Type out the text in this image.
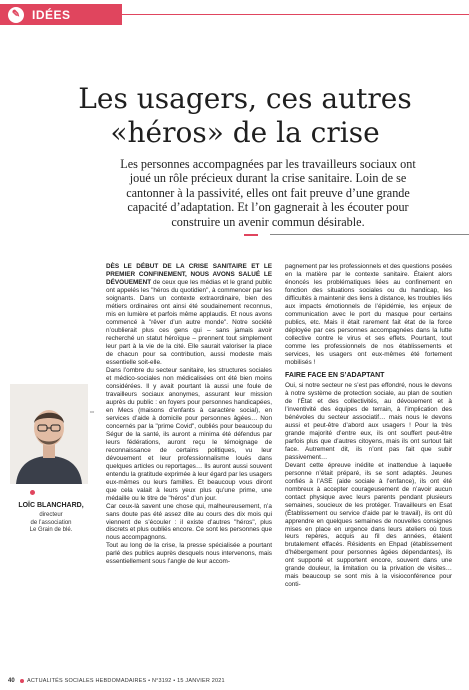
✎ IDÉES
Les usagers, ces autres «héros» de la crise
Les personnes accompagnées par les travailleurs sociaux ont joué un rôle précieux durant la crise sanitaire. Loin de se cantonner à la passivité, elles ont fait preuve d’une grande capacité d’adaptation. Et l’on gagnerait à les écouter pour construire un avenir commun désirable.
DR
LOÏC BLANCHARD,
directeur
de l’association
Le Grain de blé.

DÈS LE DÉBUT DE LA CRISE SANITAIRE ET LE PREMIER CONFINEMENT, NOUS AVONS SALUÉ LE DÉVOUEMENT de ceux que les médias et le grand public ont appelés les "héros du quotidien", à commencer par les soignants. Dans un contexte extraordinaire, bien des métiers ordinaires ont ainsi été soudainement reconnus, mis en lumière et parfois même applaudis. Et nous avons commencé à "rêver d’un autre monde". Notre société n’oublierait plus ces gens qui – sans jamais avoir recherché un statut héroïque – prennent tout simplement leur part à la vie de la cité. Elle saurait valoriser la place de chacun pour sa contribution, aussi modeste mais essentielle soit-elle.

Dans l’ombre du secteur sanitaire, les structures sociales et médico-sociales non médicalisées ont été bien moins considérées. Il y avait pourtant là aussi une foule de travailleurs sociaux anonymes, assurant leur mission auprès du public : en foyers pour personnes handicapées, en Mecs (maisons d’enfants à caractère social), en services d’aide à domicile pour personnes âgées… Non concernés par la "prime Covid", oubliés pour beaucoup du Ségur de la santé, ils auront a minima été défendus par leurs fédérations, auront reçu le témoignage de reconnaissance de certains politiques, vu leur dévouement et leur professionnalisme loués dans quelques articles ou reportages… Ils auront aussi souvent entendu la gratitude exprimée à leur égard par les usagers eux-mêmes ou leurs familles. Et beaucoup vous diront que cela valait à leurs yeux plus qu’une prime, une médaille ou le titre de "héros" d’un jour.

Car ceux-là savent une chose qui, malheureusement, n’a sans doute pas été assez dite au cours des dix mois qui viennent de s’écouler : il existe d’autres "héros", plus discrets et plus oubliés encore. Ce sont les personnes que nous accompagnons.

Tout au long de la crise, la presse spécialisée a pourtant parlé des publics auprès desquels nous intervenons, mais essentiellement sous l’angle de leur accom-

pagnement par les professionnels et des questions posées en la matière par le contexte sanitaire. Étaient alors énoncés les problématiques liées au confinement en fonction des situations sociales ou du handicap, les difficultés à maintenir des liens à distance, les troubles liés aux impacts émotionnels de l’épidémie, les enjeux de communication avec le port du masque pour certains publics, etc. Mais il était rarement fait état de la force déployée par ces personnes accompagnées dans la lutte collective contre le virus et ses effets. Pourtant, tout comme les professionnels de nos établissements et services, les usagers ont eux-mêmes été fortement mobilisés !

FAIRE FACE EN S’ADAPTANT

Oui, si notre secteur ne s’est pas effondré, nous le devons à notre système de protection sociale, au plan de soutien de l’État et des collectivités, au dévouement et à l’inventivité des équipes de terrain, à l’implication des bénévoles du secteur associatif… mais nous le devons aussi et peut-être d’abord aux usagers ! Pour la très grande majorité d’entre eux, ils ont souffert peut-être parfois plus que d’autres citoyens, mais ils ont surtout fait face. Autrement dit, ils n’ont pas fait que subir passivement…

Devant cette épreuve inédite et inattendue à laquelle personne n’était préparé, ils se sont adaptés. Jeunes confiés à l’ASE (aide sociale à l’enfance), ils ont été nombreux à accepter courageusement de n’avoir aucun contact physique avec leurs parents pendant plusieurs semaines, soucieux de les protéger. Travailleurs en Esat (Établissement ou service d’aide par le travail), ils ont dû apprendre en quelques semaines de nouvelles consignes mises en place en urgence dans leurs ateliers où tous leurs repères, acquis au fil des années, étaient brutalement effacés. Résidents en Ehpad (établissement d’hébergement pour personnes âgées dépendantes), ils ont supporté et supportent encore, souvent dans une grande douleur, la limitation ou la privation de visites… mais beaucoup se sont mis à la visioconférence pour conti-

40 ACTUALITÉS SOCIALES HEBDOMADAIRES • N°3192 • 15 JANVIER 2021
